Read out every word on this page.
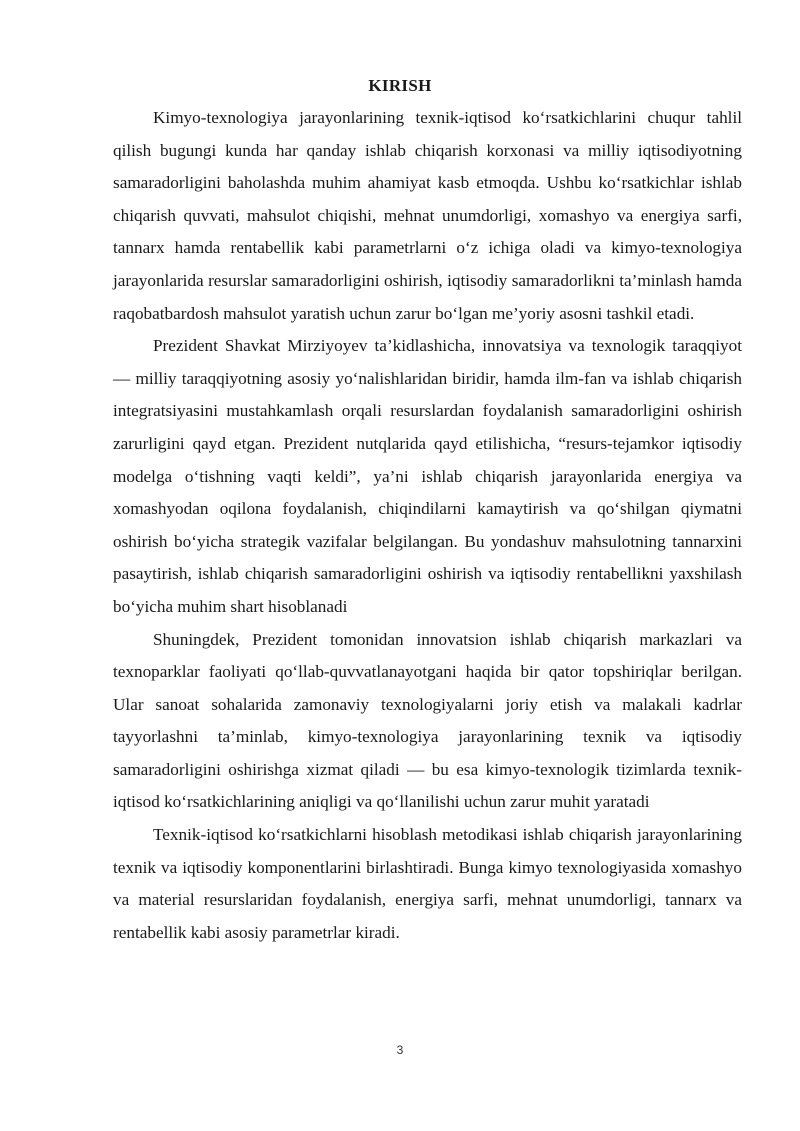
KIRISH

Kimyo-texnologiya jarayonlarining texnik-iqtisod ko‘rsatkichlarini chuqur tahlil qilish bugungi kunda har qanday ishlab chiqarish korxonasi va milliy iqtisodiyotning samaradorligini baholashda muhim ahamiyat kasb etmoqda. Ushbu ko‘rsatkichlar ishlab chiqarish quvvati, mahsulot chiqishi, mehnat unumdorligi, xomashyo va energiya sarfi, tannarx hamda rentabellik kabi parametrlarni o‘z ichiga oladi va kimyo-texnologiya jarayonlarida resurslar samaradorligini oshirish, iqtisodiy samaradorlikni ta’minlash hamda raqobatbardosh mahsulot yaratish uchun zarur bo‘lgan me’yoriy asosni tashkil etadi.

Prezident Shavkat Mirziyoyev ta’kidlashicha, innovatsiya va texnologik taraqqiyot — milliy taraqqiyotning asosiy yo‘nalishlaridan biridir, hamda ilm-fan va ishlab chiqarish integratsiyasini mustahkamlash orqali resurslardan foydalanish samaradorligini oshirish zarurligini qayd etgan. Prezident nutqlarida qayd etilishicha, “resurs-tejamkor iqtisodiy modelga o‘tishning vaqti keldi”, ya’ni ishlab chiqarish jarayonlarida energiya va xomashyodan oqilona foydalanish, chiqindilarni kamaytirish va qo‘shilgan qiymatni oshirish bo‘yicha strategik vazifalar belgilangan. Bu yondashuv mahsulotning tannarxini pasaytirish, ishlab chiqarish samaradorligini oshirish va iqtisodiy rentabellikni yaxshilash bo‘yicha muhim shart hisoblanadi

Shuningdek, Prezident tomonidan innovatsion ishlab chiqarish markazlari va texnoparklar faoliyati qo‘llab-quvvatlanayotgani haqida bir qator topshiriqlar berilgan. Ular sanoat sohalarida zamonaviy texnologiyalarni joriy etish va malakali kadrlar tayyorlashni ta’minlab, kimyo-texnologiya jarayonlarining texnik va iqtisodiy samaradorligini oshirishga xizmat qiladi — bu esa kimyo-texnologik tizimlarda texnik-iqtisod ko‘rsatkichlarining aniqligi va qo‘llanilishi uchun zarur muhit yaratadi

Texnik-iqtisod ko‘rsatkichlarni hisoblash metodikasi ishlab chiqarish jarayonlarining texnik va iqtisodiy komponentlarini birlashtiradi. Bunga kimyo texnologiyasida xomashyo va material resurslaridan foydalanish, energiya sarfi, mehnat unumdorligi, tannarx va rentabellik kabi asosiy parametrlar kiradi.

3
